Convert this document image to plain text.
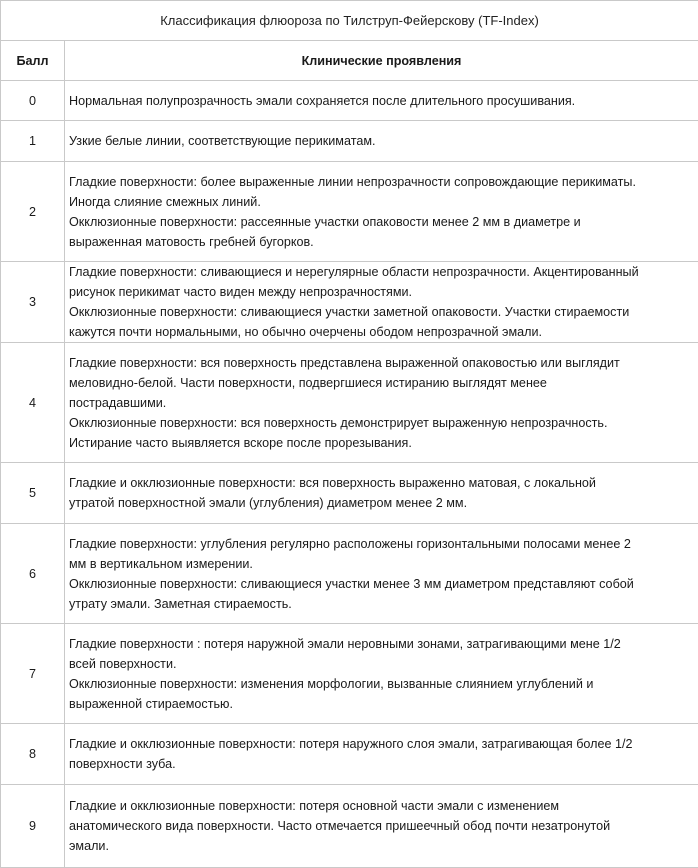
Классификация флюороза по Тилструп-Фейерскову (TF-Index)	
Балл	Клинические проявления
0	Нормальная полупрозрачность эмали сохраняется после длительного просушивания.

1	Узкие белые линии, соответствующие перикиматам.

2	Гладкие поверхности: более выраженные линии непрозрачности сопровождающие перикиматы.
Иногда слияние смежных линий.
Окклюзионные поверхности: рассеянные участки опаковости менее 2 мм в диаметре и
выраженная матовость гребней бугорков.

3	Гладкие поверхности: сливающиеся и нерегулярные области непрозрачности. Акцентированный
рисунок перикимат часто виден между непрозрачностями.
Окклюзионные поверхности: сливающиеся участки заметной опаковости. Участки стираемости
кажутся почти нормальными, но обычно очерчены ободом непрозрачной эмали.

4	Гладкие поверхности: вся поверхность представлена выраженной опаковостью или выглядит
меловидно-белой. Части поверхности, подвергшиеся истиранию выглядят менее
пострадавшими.
Окклюзионные поверхности: вся поверхность демонстрирует выраженную непрозрачность.
Истирание часто выявляется вскоре после прорезывания.

5	Гладкие и окклюзионные поверхности: вся поверхность выраженно матовая, с локальной
утратой поверхностной эмали (углубления) диаметром менее 2 мм.

6	Гладкие поверхности: углубления регулярно расположены горизонтальными полосами менее 2
мм в вертикальном измерении.
Окклюзионные поверхности: сливающиеся участки менее 3 мм диаметром представляют собой
утрату эмали. Заметная стираемость.

7	Гладкие поверхности : потеря наружной эмали неровными зонами, затрагивающими мене 1/2
всей поверхности.
Окклюзионные поверхности: изменения морфологии, вызванные слиянием углублений и
выраженной стираемостью.

8	Гладкие и окклюзионные поверхности: потеря наружного слоя эмали, затрагивающая более 1/2
поверхности зуба.

9	Гладкие и окклюзионные поверхности: потеря основной части эмали с изменением
анатомического вида поверхности. Часто отмечается пришеечный обод почти незатронутой
эмали.
